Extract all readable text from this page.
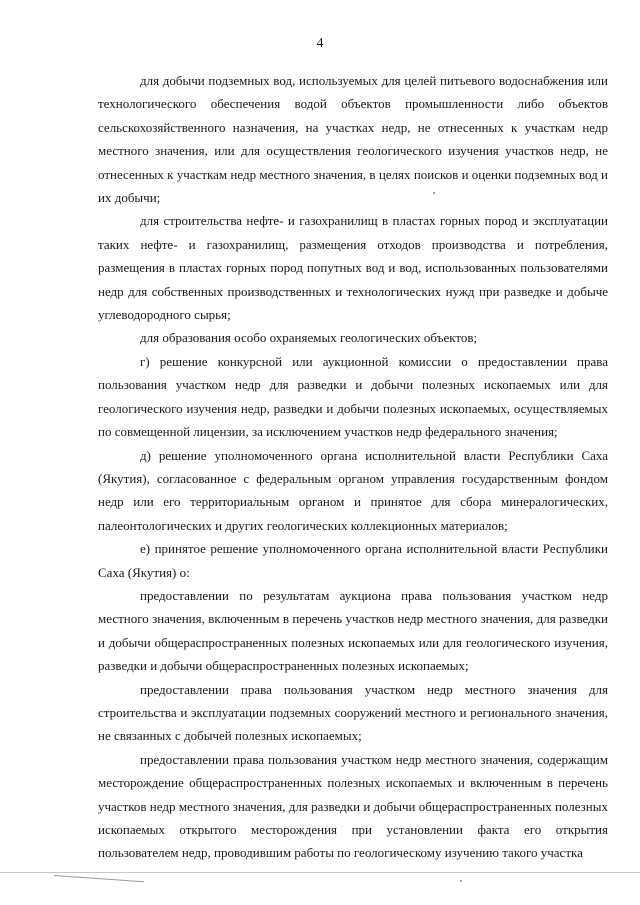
4

для добычи подземных вод, используемых для целей питьевого водоснабжения или технологического обеспечения водой объектов промышленности либо объектов сельскохозяйственного назначения, на участках недр, не отнесенных к участкам недр местного значения, или для осуществления геологического изучения участков недр, не отнесенных к участкам недр местного значения, в целях поисков и оценки подземных вод и их добычи;

для строительства нефте- и газохранилищ в пластах горных пород и эксплуатации таких нефте- и газохранилищ, размещения отходов производства и потребления, размещения в пластах горных пород попутных вод и вод, использованных пользователями недр для собственных производственных и технологических нужд при разведке и добыче углеводородного сырья;

для образования особо охраняемых геологических объектов;

г) решение конкурсной или аукционной комиссии о предоставлении права пользования участком недр для разведки и добычи полезных ископаемых или для геологического изучения недр, разведки и добычи полезных ископаемых, осуществляемых по совмещенной лицензии, за исключением участков недр федерального значения;

д) решение уполномоченного органа исполнительной власти Республики Саха (Якутия), согласованное с федеральным органом управления государственным фондом недр или его территориальным органом и принятое для сбора минералогических, палеонтологических и других геологических коллекционных материалов;

е) принятое решение уполномоченного органа исполнительной власти Республики Саха (Якутия) о:

предоставлении по результатам аукциона права пользования участком недр местного значения, включенным в перечень участков недр местного значения, для разведки и добычи общераспространенных полезных ископаемых или для геологического изучения, разведки и добычи общераспространенных полезных ископаемых;

предоставлении права пользования участком недр местного значения для строительства и эксплуатации подземных сооружений местного и регионального значения, не связанных с добычей полезных ископаемых;

предоставлении права пользования участком недр местного значения, содержащим месторождение общераспространенных полезных ископаемых и включенным в перечень участков недр местного значения, для разведки и добычи общераспространенных полезных ископаемых открытого месторождения при установлении факта его открытия пользователем недр, проводившим работы по геологическому изучению такого участка
